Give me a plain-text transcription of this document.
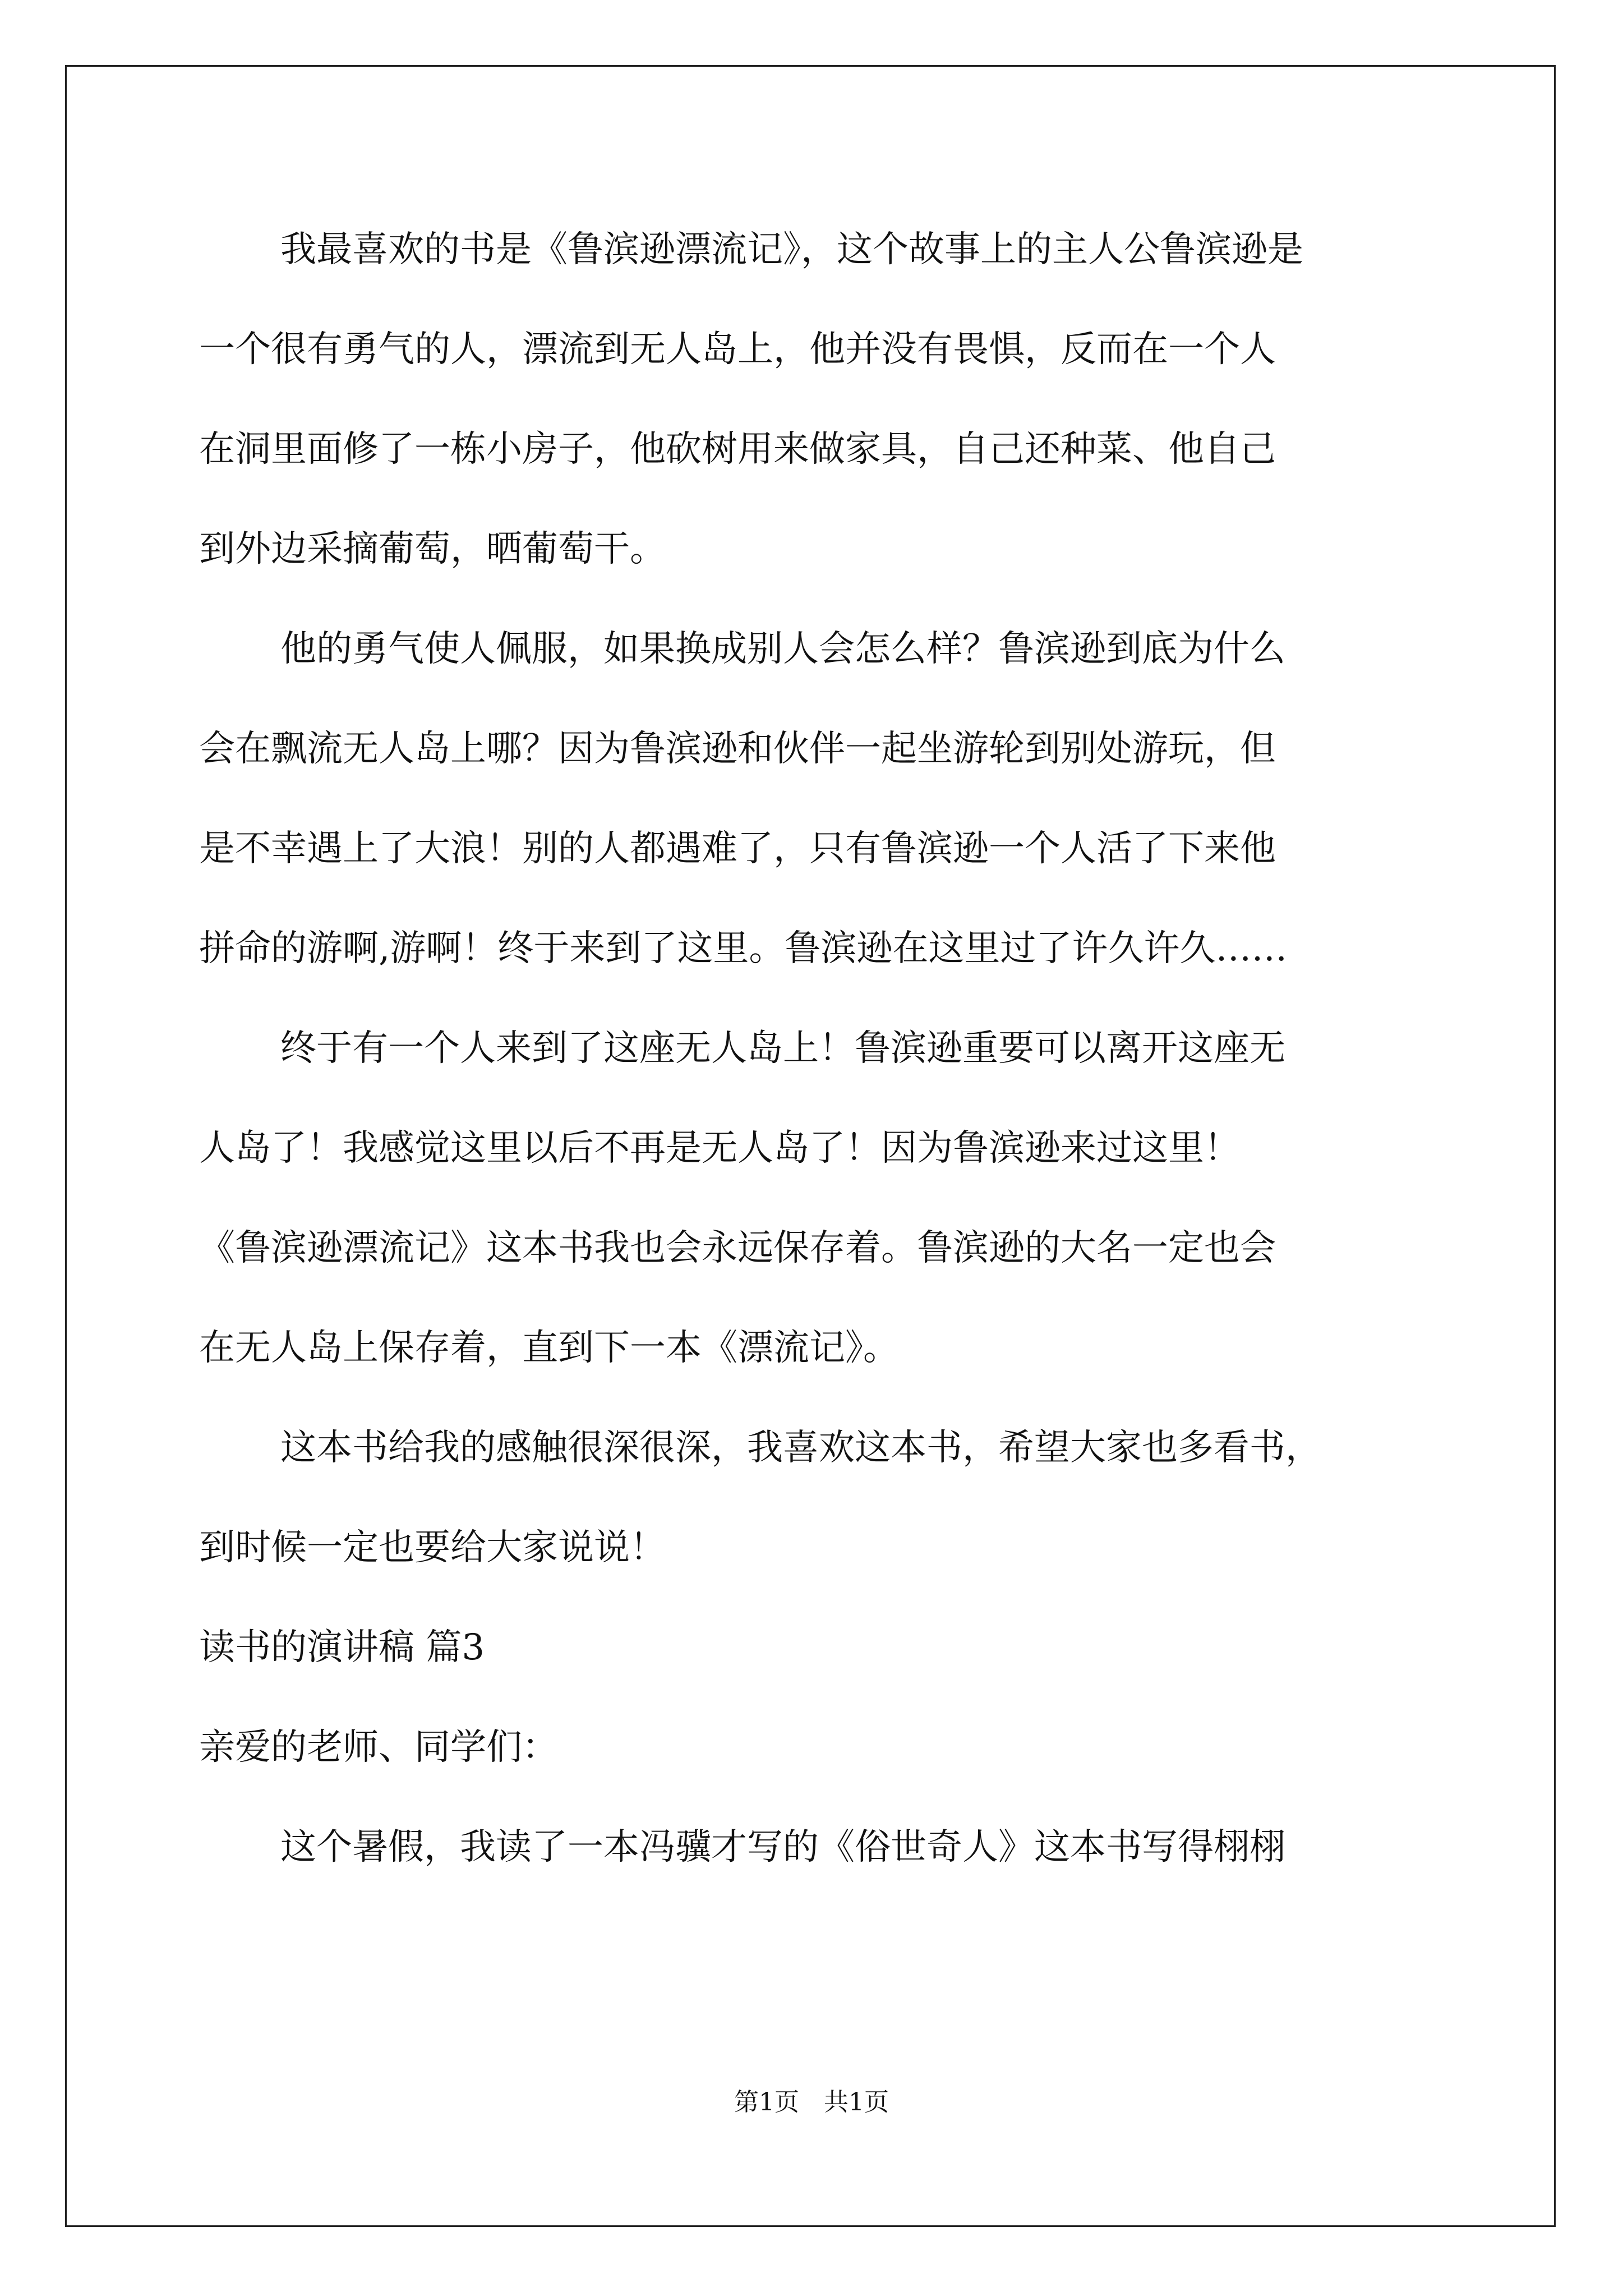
我最喜欢的书是《鲁滨逊漂流记》，这个故事上的主人公鲁滨逊是
一个很有勇气的人，漂流到无人岛上，他并没有畏惧，反而在一个人
在洞里面修了一栋小房子，他砍树用来做家具，自己还种菜、他自己
到外边采摘葡萄，晒葡萄干。
他的勇气使人佩服，如果换成别人会怎么样？鲁滨逊到底为什么
会在飘流无人岛上哪？因为鲁滨逊和伙伴一起坐游轮到别处游玩，但
是不幸遇上了大浪！别的人都遇难了，只有鲁滨逊一个人活了下来他
拼命的游啊,游啊！终于来到了这里。鲁滨逊在这里过了许久许久……
终于有一个人来到了这座无人岛上！鲁滨逊重要可以离开这座无
人岛了！我感觉这里以后不再是无人岛了！因为鲁滨逊来过这里！
《鲁滨逊漂流记》这本书我也会永远保存着。鲁滨逊的大名一定也会
在无人岛上保存着，直到下一本《漂流记》。
这本书给我的感触很深很深，我喜欢这本书，希望大家也多看书，
到时候一定也要给大家说说！
读书的演讲稿 篇3
亲爱的老师、同学们：
这个暑假，我读了一本冯骥才写的《俗世奇人》这本书写得栩栩
第1页　共1页
